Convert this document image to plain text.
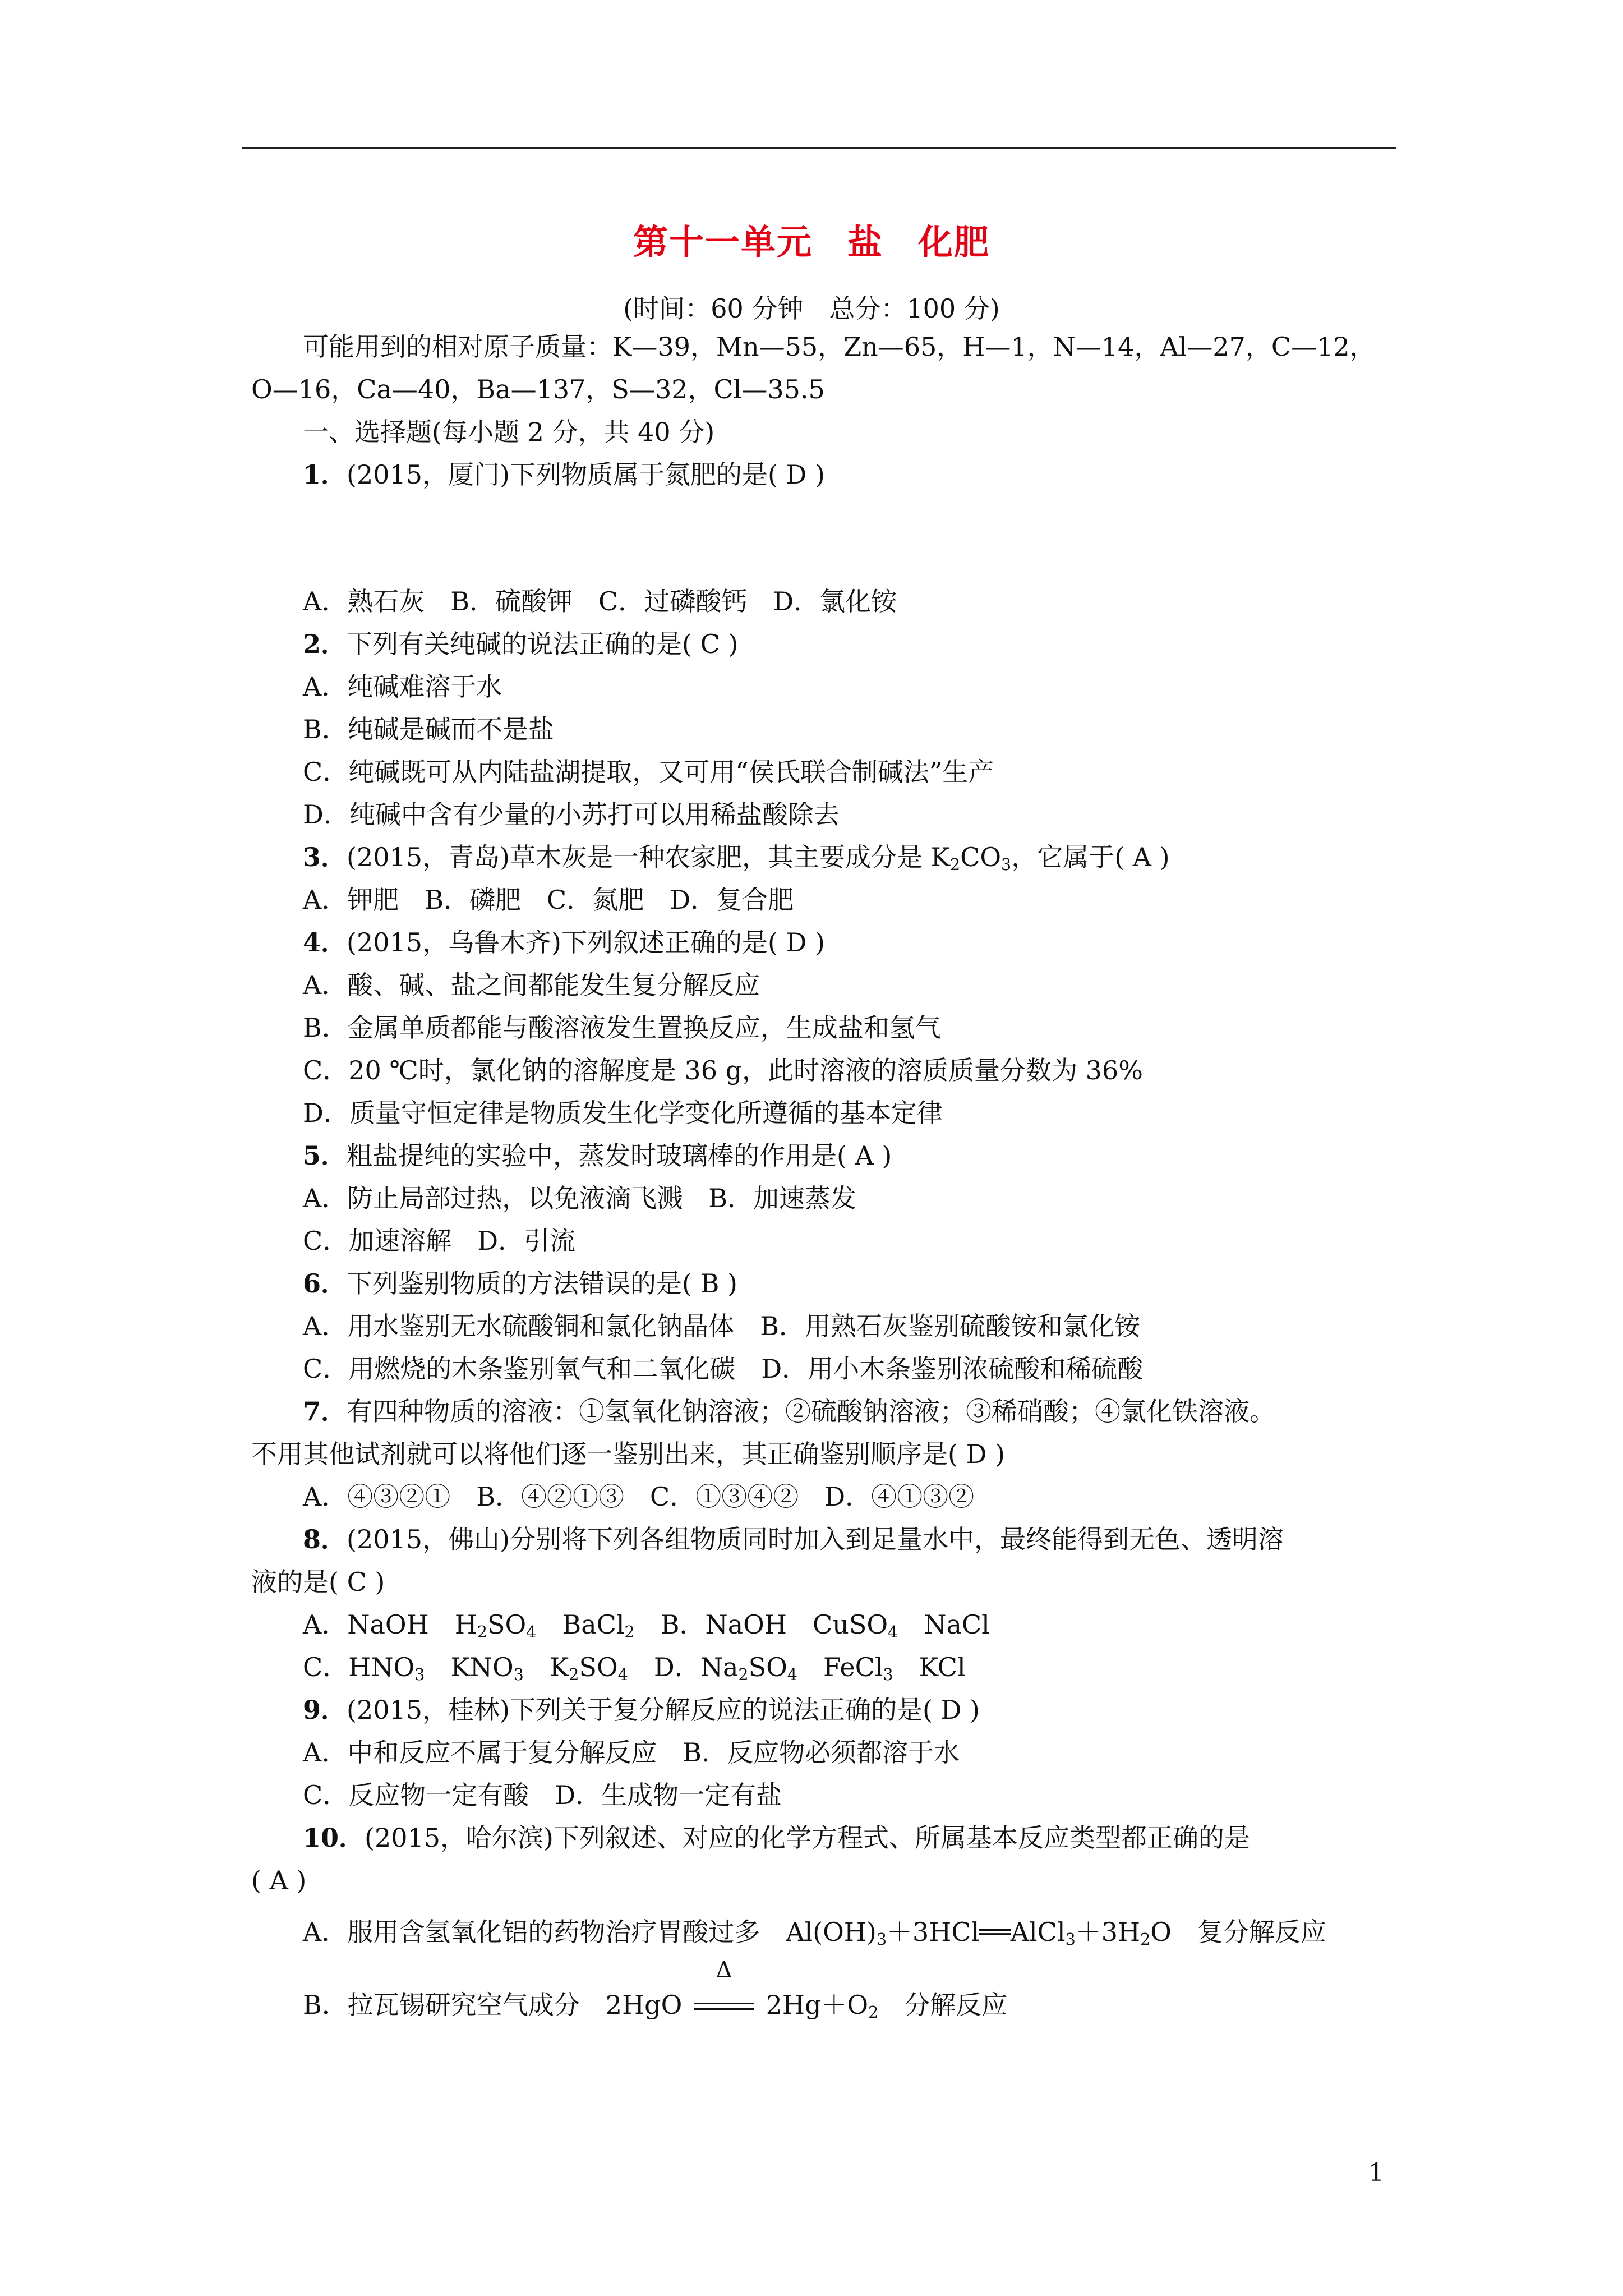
第十一单元 盐 化肥
(时间：60 分钟　总分：100 分)
可能用到的相对原子质量：K—39，Mn—55，Zn—65，H—1，N—14，Al—27，C—12，
O—16，Ca—40，Ba—137，S—32，Cl—35.5
一、选择题(每小题 2 分，共 40 分)
1．(2015，厦门)下列物质属于氮肥的是( D )
A．熟石灰　B．硫酸钾　C．过磷酸钙　D．氯化铵
2．下列有关纯碱的说法正确的是( C )
A．纯碱难溶于水
B．纯碱是碱而不是盐
C．纯碱既可从内陆盐湖提取，又可用“侯氏联合制碱法”生产
D．纯碱中含有少量的小苏打可以用稀盐酸除去
3．(2015，青岛)草木灰是一种农家肥，其主要成分是 $K_2CO_3$，它属于( A )
A．钾肥　B．磷肥　C．氮肥　D．复合肥
4．(2015，乌鲁木齐)下列叙述正确的是( D )
A．酸、碱、盐之间都能发生复分解反应
B．金属单质都能与酸溶液发生置换反应，生成盐和氢气
C．20 ℃时，氯化钠的溶解度是 36 g，此时溶液的溶质质量分数为 36%
D．质量守恒定律是物质发生化学变化所遵循的基本定律
5．粗盐提纯的实验中，蒸发时玻璃棒的作用是( A )
A．防止局部过热，以免液滴飞溅　B．加速蒸发
C．加速溶解　D．引流
6．下列鉴别物质的方法错误的是( B )
A．用水鉴别无水硫酸铜和氯化钠晶体　B．用熟石灰鉴别硫酸铵和氯化铵
C．用燃烧的木条鉴别氧气和二氧化碳　D．用小木条鉴别浓硫酸和稀硫酸
7．有四种物质的溶液：①氢氧化钠溶液；②硫酸钠溶液；③稀硝酸；④氯化铁溶液。
不用其他试剂就可以将他们逐一鉴别出来，其正确鉴别顺序是( D )
A．④③②①　B．④②①③　C．①③④②　D．④①③②
8．(2015，佛山)分别将下列各组物质同时加入到足量水中，最终能得到无色、透明溶
液的是( C )
A．NaOH　$H_2SO_4$　BaCl$_2$　B．NaOH　CuSO$_4$　NaCl
C．$HNO_3$　$KNO_3$　$K_2SO_4$　D．$Na_2SO_4$　FeCl$_3$　KCl
9．(2015，桂林)下列关于复分解反应的说法正确的是( D )
A．中和反应不属于复分解反应　B．反应物必须都溶于水
C．反应物一定有酸　D．生成物一定有盐
10．(2015，哈尔滨)下列叙述、对应的化学方程式、所属基本反应类型都正确的是
( A )
A．服用含氢氧化铝的药物治疗胃酸过多　$Al(OH)_3+3HCl══AlCl_3+3H_2O$　复分解反应
B．拉瓦锡研究空气成分　2HgO
Δ
$2Hg+O_2$　分解反应
1
